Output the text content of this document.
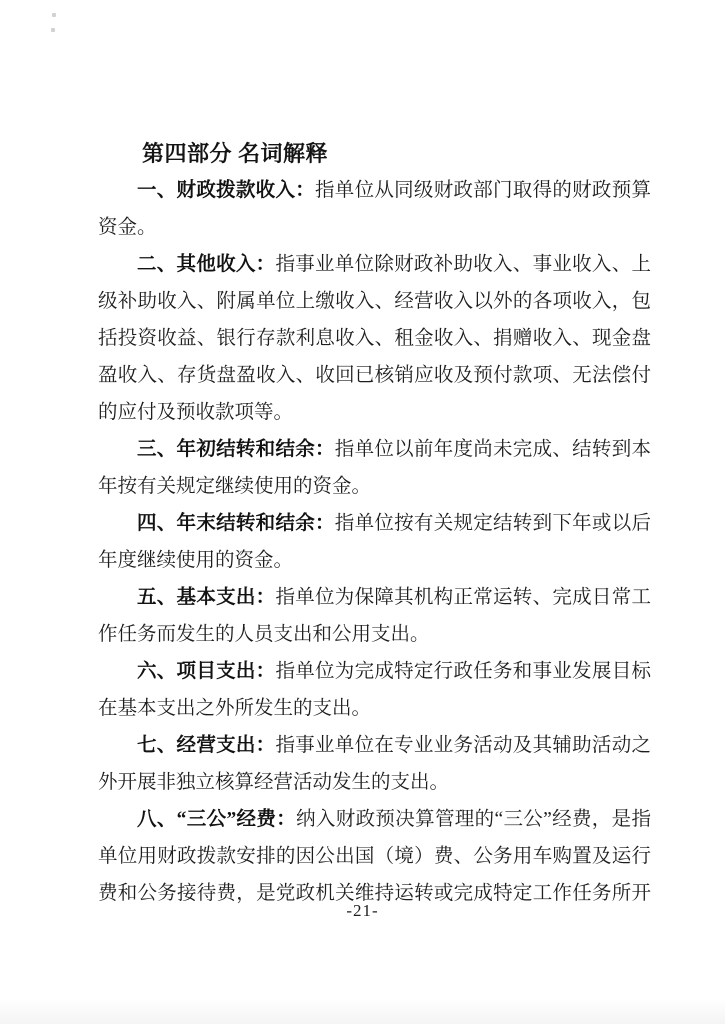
第四部分 名词解释
一、财政拨款收入：指单位从同级财政部门取得的财政预算
资金。
二、其他收入：指事业单位除财政补助收入、事业收入、上
级补助收入、附属单位上缴收入、经营收入以外的各项收入，包
括投资收益、银行存款利息收入、租金收入、捐赠收入、现金盘
盈收入、存货盘盈收入、收回已核销应收及预付款项、无法偿付
的应付及预收款项等。
三、年初结转和结余：指单位以前年度尚未完成、结转到本
年按有关规定继续使用的资金。
四、年末结转和结余：指单位按有关规定结转到下年或以后
年度继续使用的资金。
五、基本支出：指单位为保障其机构正常运转、完成日常工
作任务而发生的人员支出和公用支出。
六、项目支出：指单位为完成特定行政任务和事业发展目标
在基本支出之外所发生的支出。
七、经营支出：指事业单位在专业业务活动及其辅助活动之
外开展非独立核算经营活动发生的支出。
八、“三公”经费：纳入财政预决算管理的“三公”经费，是指
单位用财政拨款安排的因公出国（境）费、公务用车购置及运行
费和公务接待费，是党政机关维持运转或完成特定工作任务所开
-21-
